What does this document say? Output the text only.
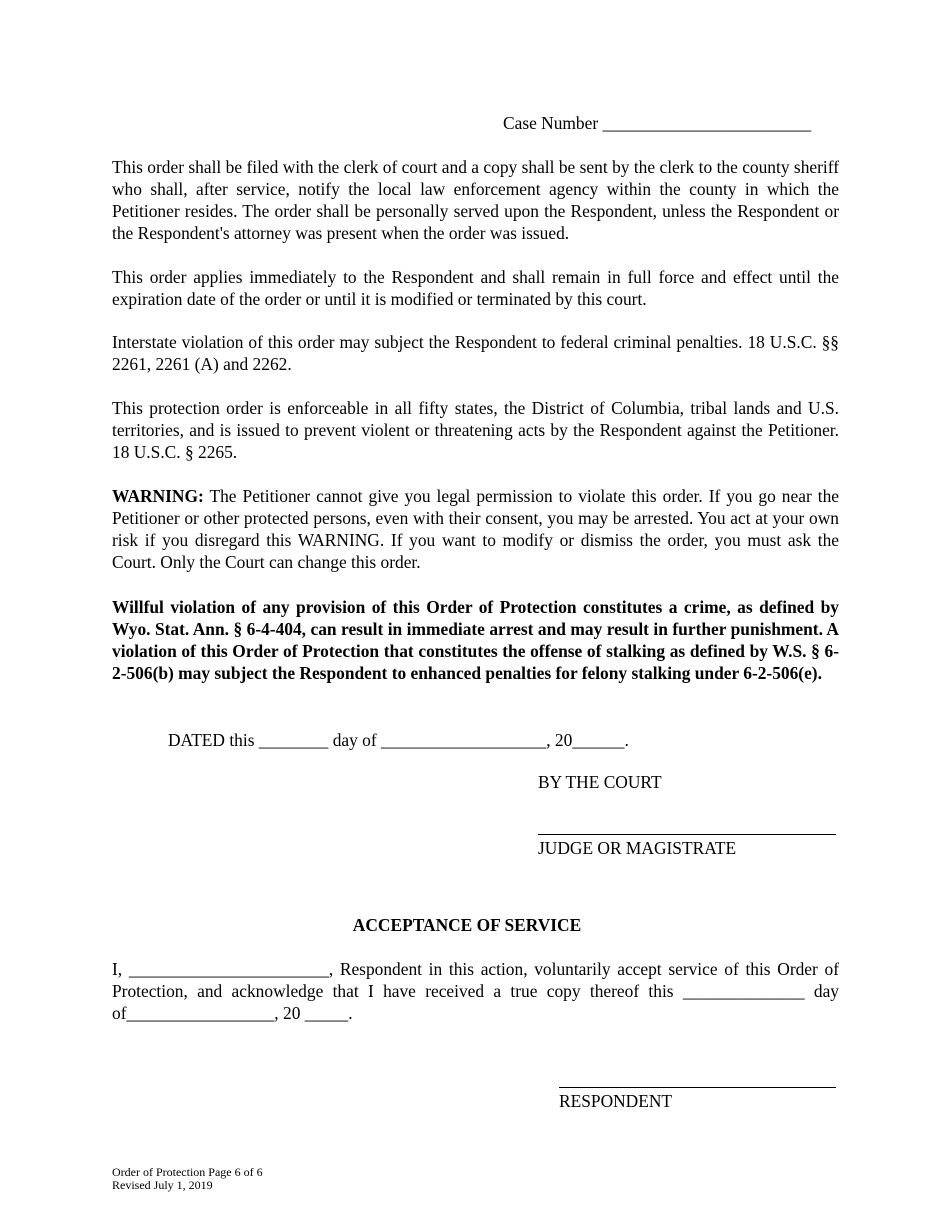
Case Number ________________________
This order shall be filed with the clerk of court and a copy shall be sent by the clerk to the county sheriff who shall, after service, notify the local law enforcement agency within the county in which the Petitioner resides. The order shall be personally served upon the Respondent, unless the Respondent or the Respondent's attorney was present when the order was issued.
This order applies immediately to the Respondent and shall remain in full force and effect until the expiration date of the order or until it is modified or terminated by this court.
Interstate violation of this order may subject the Respondent to federal criminal penalties. 18 U.S.C. §§ 2261, 2261 (A) and 2262.
This protection order is enforceable in all fifty states, the District of Columbia, tribal lands and U.S. territories, and is issued to prevent violent or threatening acts by the Respondent against the Petitioner. 18 U.S.C. § 2265.
WARNING: The Petitioner cannot give you legal permission to violate this order. If you go near the Petitioner or other protected persons, even with their consent, you may be arrested. You act at your own risk if you disregard this WARNING. If you want to modify or dismiss the order, you must ask the Court. Only the Court can change this order.
Willful violation of any provision of this Order of Protection constitutes a crime, as defined by Wyo. Stat. Ann. § 6-4-404, can result in immediate arrest and may result in further punishment. A violation of this Order of Protection that constitutes the offense of stalking as defined by W.S. § 6-2-506(b) may subject the Respondent to enhanced penalties for felony stalking under 6-2-506(e).
DATED this ________ day of ___________________, 20______.
BY THE COURT
JUDGE OR MAGISTRATE
ACCEPTANCE OF SERVICE
I, _______________________, Respondent in this action, voluntarily accept service of this Order of Protection, and acknowledge that I have received a true copy thereof this ______________ day of_________________, 20 _____.
RESPONDENT
Order of Protection Page 6 of 6
Revised July 1, 2019
